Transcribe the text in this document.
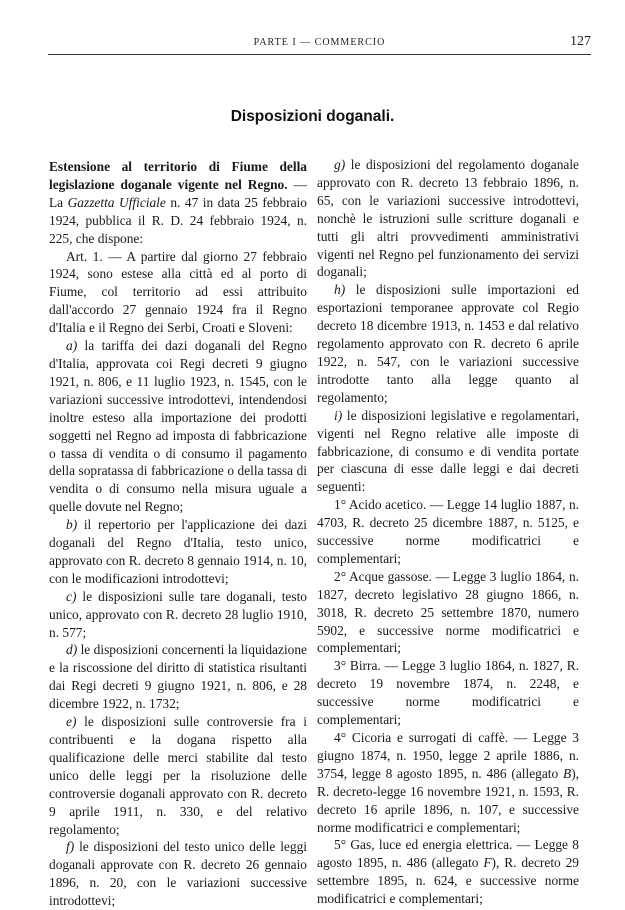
PARTE I — COMMERCIO	127
Disposizioni doganali.

Estensione al territorio di Fiume della legislazione doganale vigente nel Regno. — La Gazzetta Ufficiale n. 47 in data 25 febbraio 1924, pubblica il R. D. 24 febbraio 1924, n. 225, che dispone:

Art. 1. — A partire dal giorno 27 febbraio 1924, sono estese alla città ed al porto di Fiume, col territorio ad essi attribuito dall'accordo 27 gennaio 1924 fra il Regno d'Italia e il Regno dei Serbi, Croati e Sloveni:

a) la tariffa dei dazi doganali del Regno d'Italia, approvata coi Regi decreti 9 giugno 1921, n. 806, e 11 luglio 1923, n. 1545, con le variazioni successive introdottevi, intendendosi inoltre esteso alla importazione dei prodotti soggetti nel Regno ad imposta di fabbricazione o tassa di vendita o di consumo il pagamento della sopratassa di fabbricazione o della tassa di vendita o di consumo nella misura uguale a quelle dovute nel Regno;

b) il repertorio per l'applicazione dei dazi doganali del Regno d'Italia, testo unico, approvato con R. decreto 8 gennaio 1914, n. 10, con le modificazioni introdottevi;

c) le disposizioni sulle tare doganali, testo unico, approvato con R. decreto 28 luglio 1910, n. 577;

d) le disposizioni concernenti la liquidazione e la riscossione del diritto di statistica risultanti dai Regi decreti 9 giugno 1921, n. 806, e 28 dicembre 1922, n. 1732;

e) le disposizioni sulle controversie fra i contribuenti e la dogana rispetto alla qualificazione delle merci stabilite dal testo unico delle leggi per la risoluzione delle controversie doganali approvato con R. decreto 9 aprile 1911, n. 330, e del relativo regolamento;

f) le disposizioni del testo unico delle leggi doganali approvate con R. decreto 26 gennaio 1896, n. 20, con le variazioni successive introdottevi;

g) le disposizioni del regolamento doganale approvato con R. decreto 13 febbraio 1896, n. 65, con le variazioni successive introdottevi, nonchè le istruzioni sulle scritture doganali e tutti gli altri provvedimenti amministrativi vigenti nel Regno pel funzionamento dei servizi doganali;

h) le disposizioni sulle importazioni ed esportazioni temporanee approvate col Regio decreto 18 dicembre 1913, n. 1453 e dal relativo regolamento approvato con R. decreto 6 aprile 1922, n. 547, con le variazioni successive introdotte tanto alla legge quanto al regolamento;

i) le disposizioni legislative e regolamentari, vigenti nel Regno relative alle imposte di fabbricazione, di consumo e di vendita portate per ciascuna di esse dalle leggi e dai decreti seguenti:

1° Acido acetico. — Legge 14 luglio 1887, n. 4703, R. decreto 25 dicembre 1887, n. 5125, e successive norme modificatrici e complementari;

2° Acque gassose. — Legge 3 luglio 1864, n. 1827, decreto legislativo 28 giugno 1866, n. 3018, R. decreto 25 settembre 1870, numero 5902, e successive norme modificatrici e complementari;

3° Birra. — Legge 3 luglio 1864, n. 1827, R. decreto 19 novembre 1874, n. 2248, e successive norme modificatrici e complementari;

4° Cicoria e surrogati di caffè. — Legge 3 giugno 1874, n. 1950, legge 2 aprile 1886, n. 3754, legge 8 agosto 1895, n. 486 (allegato B), R. decreto-legge 16 novembre 1921, n. 1593, R. decreto 16 aprile 1896, n. 107, e successive norme modificatrici e complementari;

5° Gas, luce ed energia elettrica. — Legge 8 agosto 1895, n. 486 (allegato F), R. decreto 29 settembre 1895, n. 624, e successive norme modificatrici e complementari;
